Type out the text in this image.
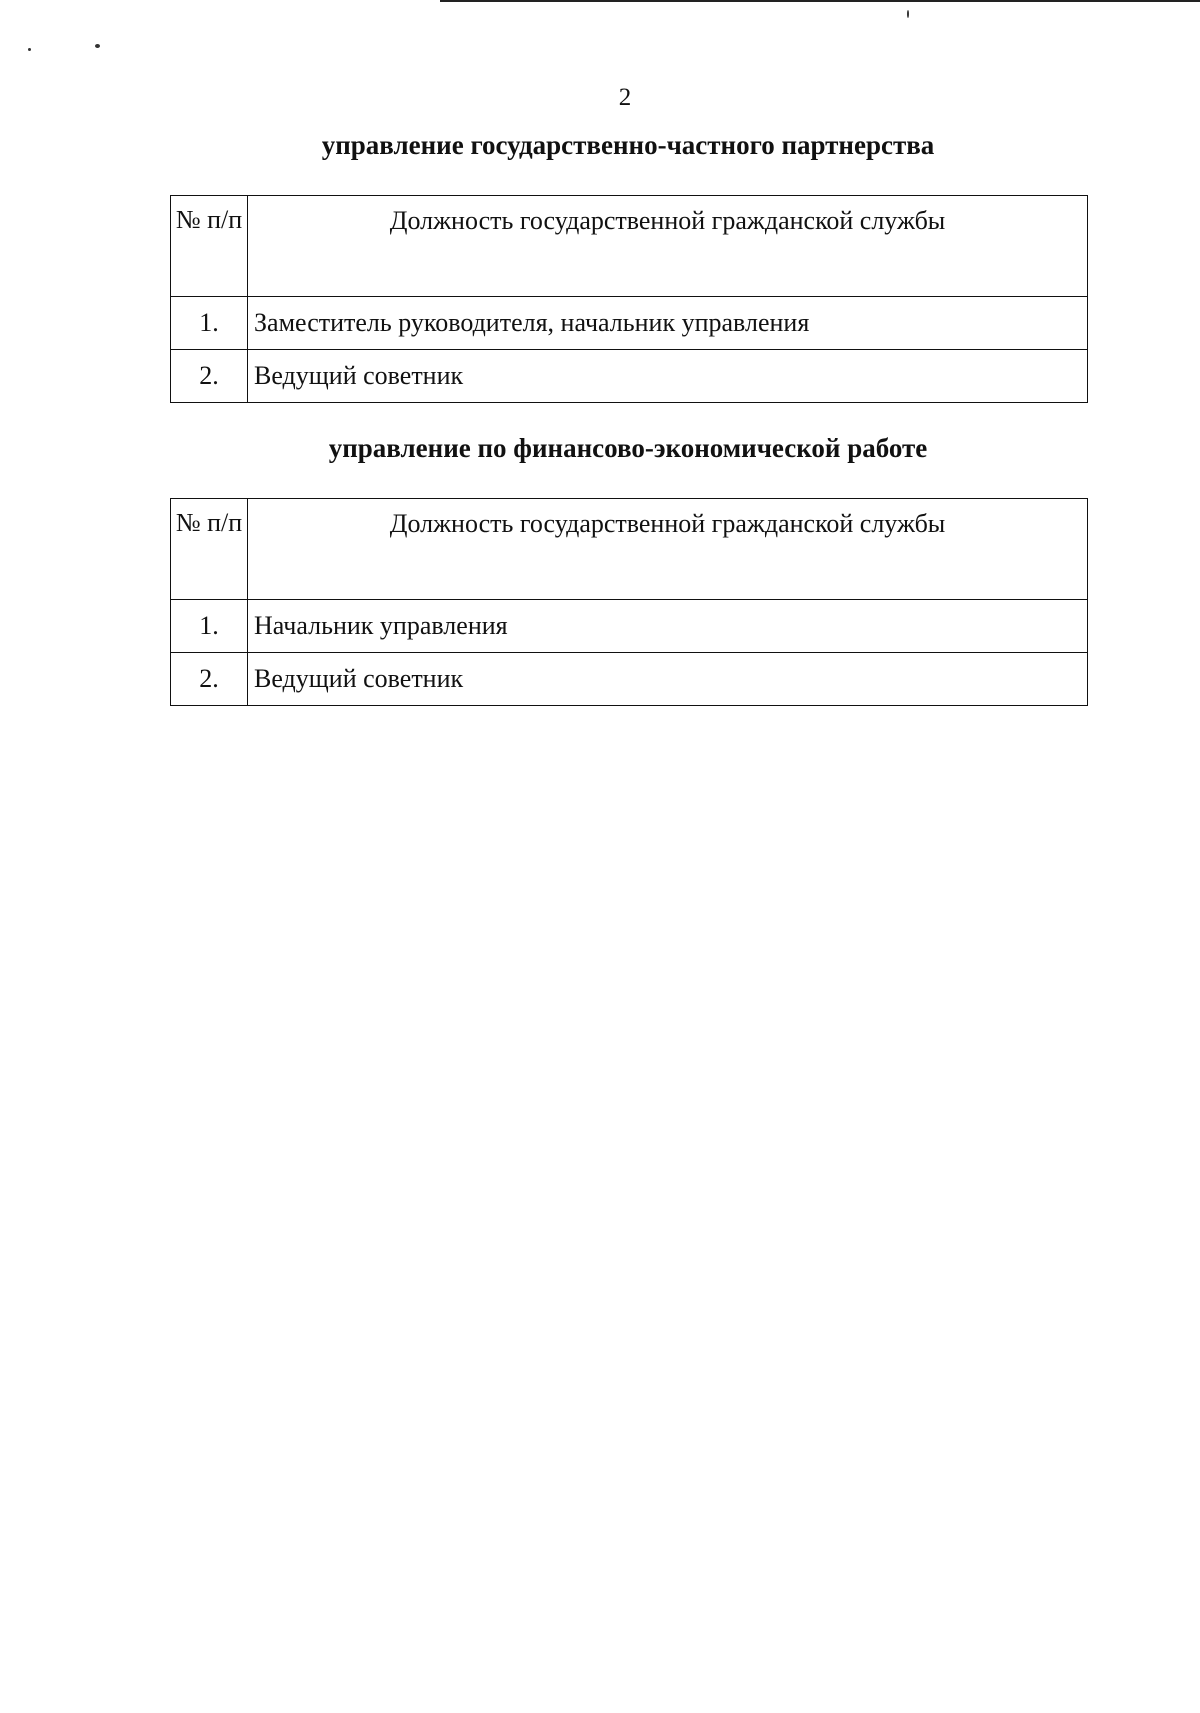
2
управление государственно-частного партнерства
№ п/п	Должность государственной гражданской службы
1.	Заместитель руководителя, начальник управления
2.	Ведущий советник
управление по финансово-экономической работе
№ п/п	Должность государственной гражданской службы
1.	Начальник управления
2.	Ведущий советник
